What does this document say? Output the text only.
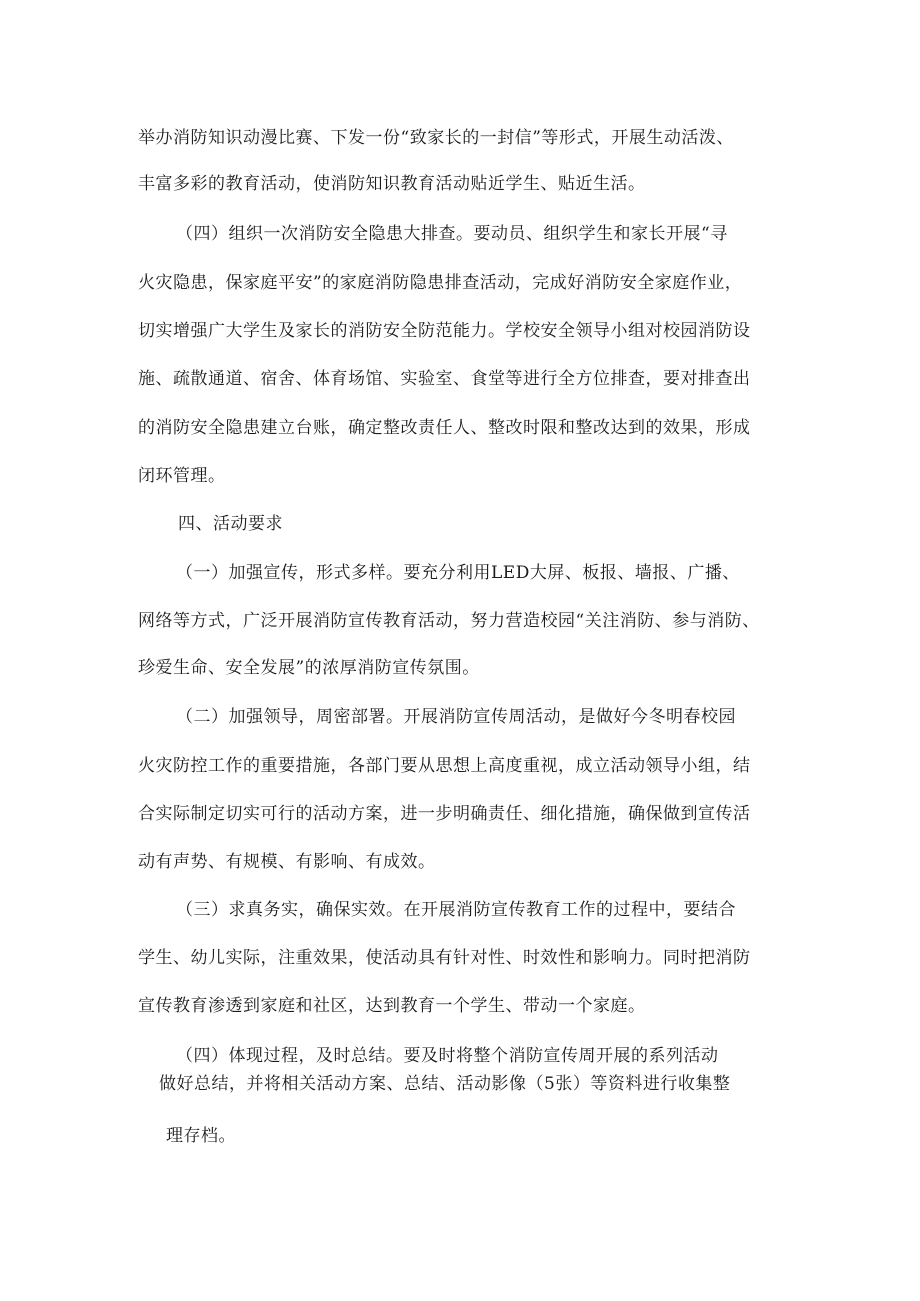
举办消防知识动漫比赛、下发一份“致家长的一封信”等形式，开展生动活泼、
丰富多彩的教育活动，使消防知识教育活动贴近学生、贴近生活。
（四）组织一次消防安全隐患大排查。要动员、组织学生和家长开展“寻
火灾隐患，保家庭平安”的家庭消防隐患排查活动，完成好消防安全家庭作业，
切实增强广大学生及家长的消防安全防范能力。学校安全领导小组对校园消防设
施、疏散通道、宿舍、体育场馆、实验室、食堂等进行全方位排查，要对排查出
的消防安全隐患建立台账，确定整改责任人、整改时限和整改达到的效果，形成
闭环管理。
四、活动要求
（一）加强宣传，形式多样。要充分利用LED大屏、板报、墙报、广播、
网络等方式，广泛开展消防宣传教育活动，努力营造校园“关注消防、参与消防、
珍爱生命、安全发展”的浓厚消防宣传氛围。
（二）加强领导，周密部署。开展消防宣传周活动，是做好今冬明春校园
火灾防控工作的重要措施，各部门要从思想上高度重视，成立活动领导小组，结
合实际制定切实可行的活动方案，进一步明确责任、细化措施，确保做到宣传活
动有声势、有规模、有影响、有成效。
（三）求真务实，确保实效。在开展消防宣传教育工作的过程中，要结合
学生、幼儿实际，注重效果，使活动具有针对性、时效性和影响力。同时把消防
宣传教育渗透到家庭和社区，达到教育一个学生、带动一个家庭。
（四）体现过程，及时总结。要及时将整个消防宣传周开展的系列活动
做好总结，并将相关活动方案、总结、活动影像（5张）等资料进行收集整
理存档。
